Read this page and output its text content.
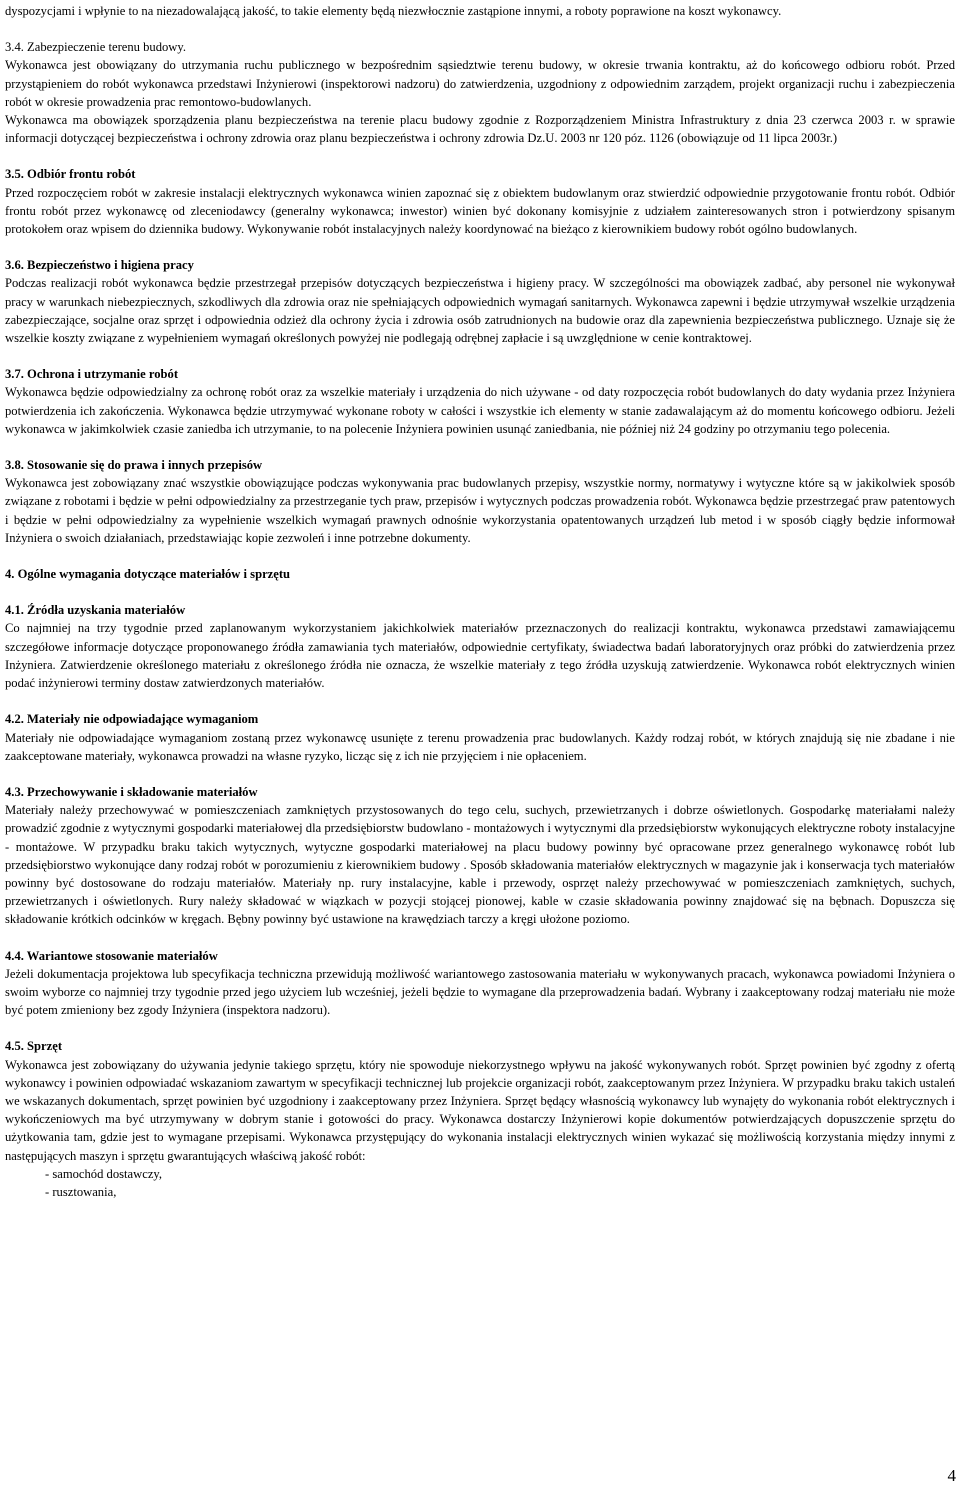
dyspozycjami i wpłynie to na niezadowalającą jakość, to takie elementy będą niezwłocznie zastąpione innymi, a roboty poprawione na koszt wykonawcy.

3.4. Zabezpieczenie terenu budowy.

Wykonawca jest obowiązany do utrzymania ruchu publicznego w bezpośrednim sąsiedztwie terenu budowy, w okresie trwania kontraktu, aż do końcowego odbioru robót. Przed przystąpieniem do robót wykonawca przedstawi Inżynierowi (inspektorowi nadzoru) do zatwierdzenia, uzgodniony z odpowiednim zarządem, projekt organizacji ruchu i zabezpieczenia robót w okresie prowadzenia prac remontowo-budowlanych.

Wykonawca ma obowiązek sporządzenia planu bezpieczeństwa na terenie placu budowy zgodnie z Rozporządzeniem Ministra Infrastruktury z dnia 23 czerwca 2003 r. w sprawie informacji dotyczącej bezpieczeństwa i ochrony zdrowia oraz planu bezpieczeństwa i ochrony zdrowia Dz.U. 2003 nr 120 póz. 1126 (obowiązuje od 11 lipca 2003r.)

3.5. Odbiór frontu robót

Przed rozpoczęciem robót w zakresie instalacji elektrycznych wykonawca winien zapoznać się z obiektem budowlanym oraz stwierdzić odpowiednie przygotowanie frontu robót. Odbiór frontu robót przez wykonawcę od zleceniodawcy (generalny wykonawca; inwestor) winien być dokonany komisyjnie z udziałem zainteresowanych stron i potwierdzony spisanym protokołem oraz wpisem do dziennika budowy. Wykonywanie robót instalacyjnych należy koordynować na bieżąco z kierownikiem budowy robót ogólno budowlanych.

3.6. Bezpieczeństwo i higiena pracy

Podczas realizacji robót wykonawca będzie przestrzegał przepisów dotyczących bezpieczeństwa i higieny pracy. W szczególności ma obowiązek zadbać, aby personel nie wykonywał pracy w warunkach niebezpiecznych, szkodliwych dla zdrowia oraz nie spełniających odpowiednich wymagań sanitarnych. Wykonawca zapewni i będzie utrzymywał wszelkie urządzenia zabezpieczające, socjalne oraz sprzęt i odpowiednia odzież dla ochrony życia i zdrowia osób zatrudnionych na budowie oraz dla zapewnienia bezpieczeństwa publicznego. Uznaje się że wszelkie koszty związane z wypełnieniem wymagań określonych powyżej nie podlegają odrębnej zapłacie i są uwzględnione w cenie kontraktowej.

3.7. Ochrona i utrzymanie robót

Wykonawca będzie odpowiedzialny za ochronę robót oraz za wszelkie materiały i urządzenia do nich używane - od daty rozpoczęcia robót budowlanych do daty wydania przez Inżyniera potwierdzenia ich zakończenia. Wykonawca będzie utrzymywać wykonane roboty w całości i wszystkie ich elementy w stanie zadawalającym aż do momentu końcowego odbioru. Jeżeli wykonawca w jakimkolwiek czasie zaniedba ich utrzymanie, to na polecenie Inżyniera powinien usunąć zaniedbania, nie później niż 24 godziny po otrzymaniu tego polecenia.

3.8. Stosowanie się do prawa i innych przepisów

Wykonawca jest zobowiązany znać wszystkie obowiązujące podczas wykonywania prac budowlanych przepisy, wszystkie normy, normatywy i wytyczne które są w jakikolwiek sposób związane z robotami i będzie w pełni odpowiedzialny za przestrzeganie tych praw, przepisów i wytycznych podczas prowadzenia robót. Wykonawca będzie przestrzegać praw patentowych i będzie w pełni odpowiedzialny za wypełnienie wszelkich wymagań prawnych odnośnie wykorzystania opatentowanych urządzeń lub metod i w sposób ciągły będzie informował Inżyniera o swoich działaniach, przedstawiając kopie zezwoleń i inne potrzebne dokumenty.

4. Ogólne wymagania dotyczące materiałów i sprzętu

4.1. Źródła uzyskania materiałów

Co najmniej na trzy tygodnie przed zaplanowanym wykorzystaniem jakichkolwiek materiałów przeznaczonych do realizacji kontraktu, wykonawca przedstawi zamawiającemu szczegółowe informacje dotyczące proponowanego źródła zamawiania tych materiałów, odpowiednie certyfikaty, świadectwa badań laboratoryjnych oraz próbki do zatwierdzenia przez Inżyniera. Zatwierdzenie określonego materiału z określonego źródła nie oznacza, że wszelkie materiały z tego źródła uzyskują zatwierdzenie. Wykonawca robót elektrycznych winien podać inżynierowi terminy dostaw zatwierdzonych materiałów.

4.2. Materiały nie odpowiadające wymaganiom

Materiały nie odpowiadające wymaganiom zostaną przez wykonawcę usunięte z terenu prowadzenia prac budowlanych. Każdy rodzaj robót, w których znajdują się nie zbadane i nie zaakceptowane materiały, wykonawca prowadzi na własne ryzyko, licząc się z ich nie przyjęciem i nie opłaceniem.

4.3. Przechowywanie i składowanie materiałów

Materiały należy przechowywać w pomieszczeniach zamkniętych przystosowanych do tego celu, suchych, przewietrzanych i dobrze oświetlonych. Gospodarkę materiałami należy prowadzić zgodnie z wytycznymi gospodarki materiałowej dla przedsiębiorstw budowlano - montażowych i wytycznymi dla przedsiębiorstw wykonujących elektryczne roboty instalacyjne - montażowe. W przypadku braku takich wytycznych, wytyczne gospodarki materiałowej na placu budowy powinny być opracowane przez generalnego wykonawcę robót lub przedsiębiorstwo wykonujące dany rodzaj robót w porozumieniu z kierownikiem budowy . Sposób składowania materiałów elektrycznych w magazynie jak i konserwacja tych materiałów powinny być dostosowane do rodzaju materiałów. Materiały np. rury instalacyjne, kable i przewody, osprzęt należy przechowywać w pomieszczeniach zamkniętych, suchych, przewietrzanych i oświetlonych. Rury należy składować w wiązkach w pozycji stojącej pionowej, kable w czasie składowania powinny znajdować się na bębnach. Dopuszcza się składowanie krótkich odcinków w kręgach. Bębny powinny być ustawione na krawędziach tarczy a kręgi ułożone poziomo.

4.4. Wariantowe stosowanie materiałów

Jeżeli dokumentacja projektowa lub specyfikacja techniczna przewidują możliwość wariantowego zastosowania materiału w wykonywanych pracach, wykonawca powiadomi Inżyniera o swoim wyborze co najmniej trzy tygodnie przed jego użyciem lub wcześniej, jeżeli będzie to wymagane dla przeprowadzenia badań. Wybrany i zaakceptowany rodzaj materiału nie może być potem zmieniony bez zgody Inżyniera (inspektora nadzoru).

4.5. Sprzęt

Wykonawca jest zobowiązany do używania jedynie takiego sprzętu, który nie spowoduje niekorzystnego wpływu na jakość wykonywanych robót. Sprzęt powinien być zgodny z ofertą wykonawcy i powinien odpowiadać wskazaniom zawartym w specyfikacji technicznej lub projekcie organizacji robót, zaakceptowanym przez Inżyniera. W przypadku braku takich ustaleń we wskazanych dokumentach, sprzęt powinien być uzgodniony i zaakceptowany przez Inżyniera. Sprzęt będący własnością wykonawcy lub wynajęty do wykonania robót elektrycznych i wykończeniowych ma być utrzymywany w dobrym stanie i gotowości do pracy. Wykonawca dostarczy Inżynierowi kopie dokumentów potwierdzających dopuszczenie sprzętu do użytkowania tam, gdzie jest to wymagane przepisami. Wykonawca przystępujący do wykonania instalacji elektrycznych winien wykazać się możliwością korzystania między innymi z następujących maszyn i sprzętu gwarantujących właściwą jakość robót:

- samochód dostawczy,

- rusztowania,

4
